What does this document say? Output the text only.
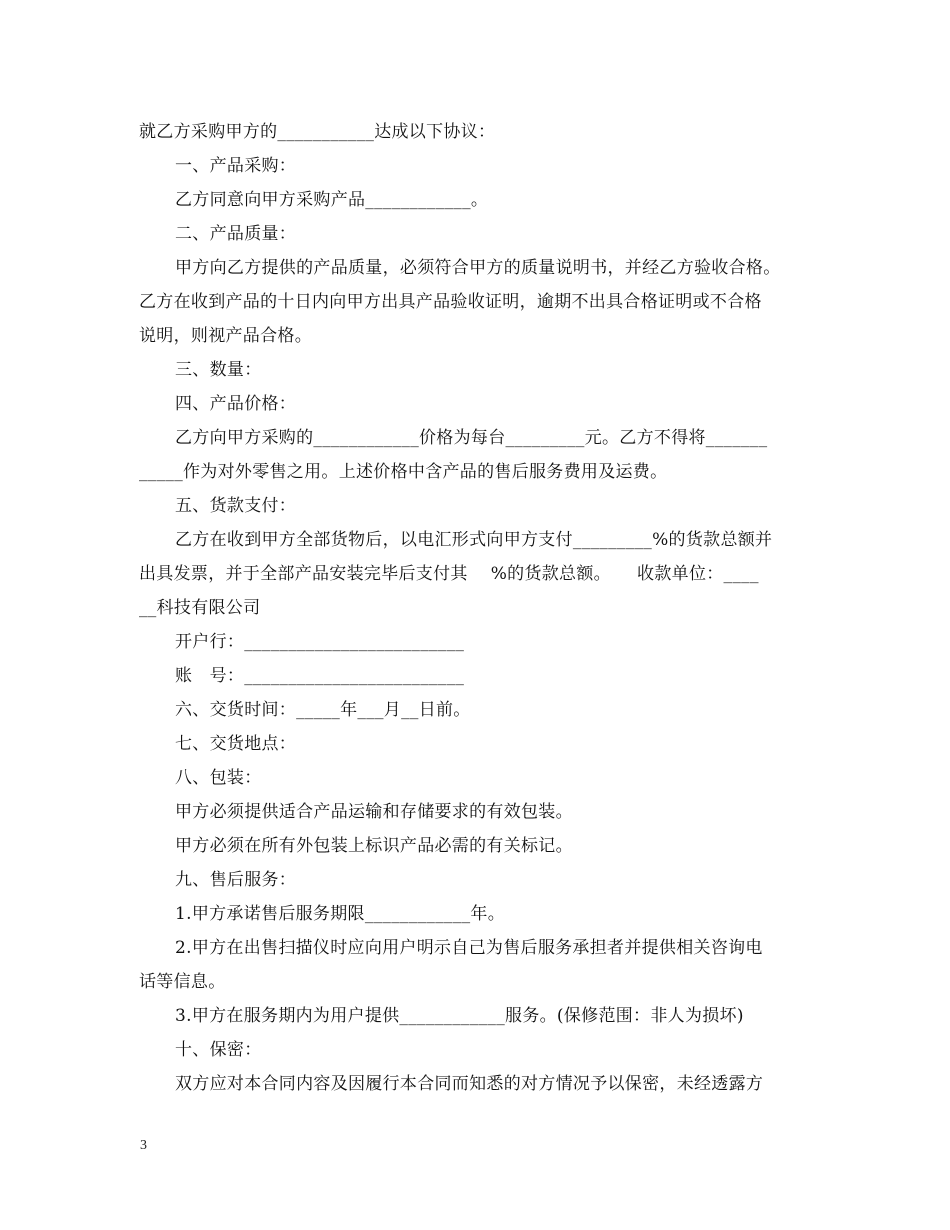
就乙方采购甲方的___________达成以下协议：
一、产品采购：
乙方同意向甲方采购产品____________。
二、产品质量：
甲方向乙方提供的产品质量，必须符合甲方的质量说明书，并经乙方验收合格。
乙方在收到产品的十日内向甲方出具产品验收证明，逾期不出具合格证明或不合格
说明，则视产品合格。
三、数量：
四、产品价格：
乙方向甲方采购的____________价格为每台_________元。乙方不得将_______
_____作为对外零售之用。上述价格中含产品的售后服务费用及运费。
五、货款支付：
乙方在收到甲方全部货物后，以电汇形式向甲方支付_________%的货款总额并
出具发票，并于全部产品安装完毕后支付其　 %的货款总额。　　收款单位：____
__科技有限公司
开户行：_________________________
账　号：_________________________
六、交货时间：_____年___月__日前。
七、交货地点：
八、包装：
甲方必须提供适合产品运输和存储要求的有效包装。
甲方必须在所有外包装上标识产品必需的有关标记。
九、售后服务：
1.甲方承诺售后服务期限____________年。
2.甲方在出售扫描仪时应向用户明示自己为售后服务承担者并提供相关咨询电
话等信息。
3.甲方在服务期内为用户提供____________服务。(保修范围：非人为损坏)
十、保密：
双方应对本合同内容及因履行本合同而知悉的对方情况予以保密，未经透露方
3
